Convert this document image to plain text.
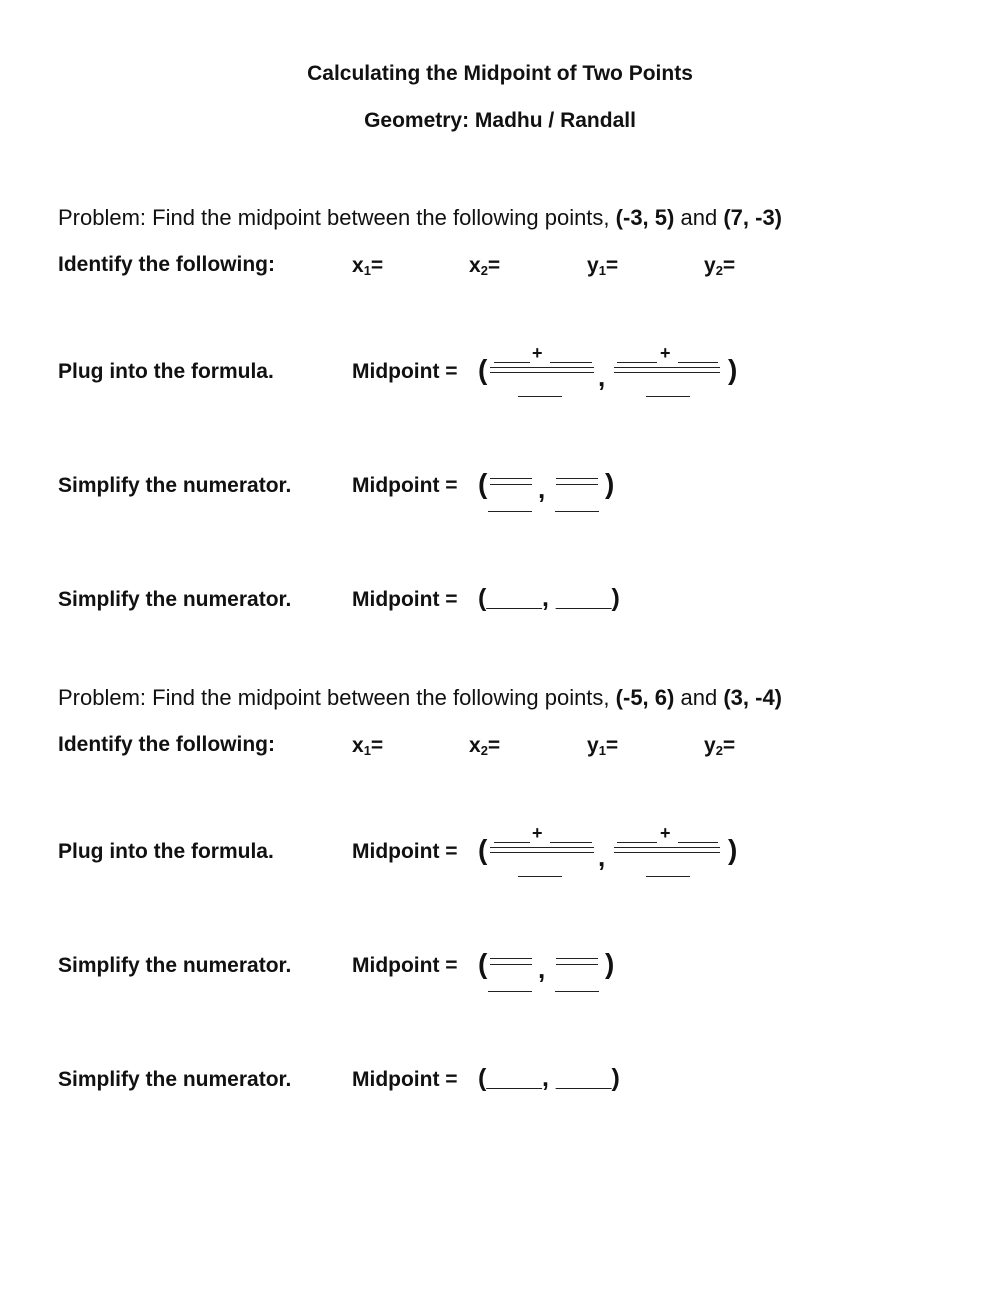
Calculating the Midpoint of Two Points
Geometry: Madhu / Randall
Problem: Find the midpoint between the following points, (-3, 5) and (7, -3)
Identify the following:	$x_1=$	$x_2=$	$y_1=$	$y_2=$
Plug into the formula.	Midpoint = (
+
,
+
)
Simplify the numerator.	Midpoint = ( , )
Simplify the numerator.	Midpoint = (____, ____)
Problem: Find the midpoint between the following points, (-5, 6) and (3, -4)
Identify the following:	$x_1=$	$x_2=$	$y_1=$	$y_2=$
Plug into the formula.	Midpoint = (
+
,
+
)
Simplify the numerator.	Midpoint = ( , )
Simplify the numerator.	Midpoint = (____, ____)
